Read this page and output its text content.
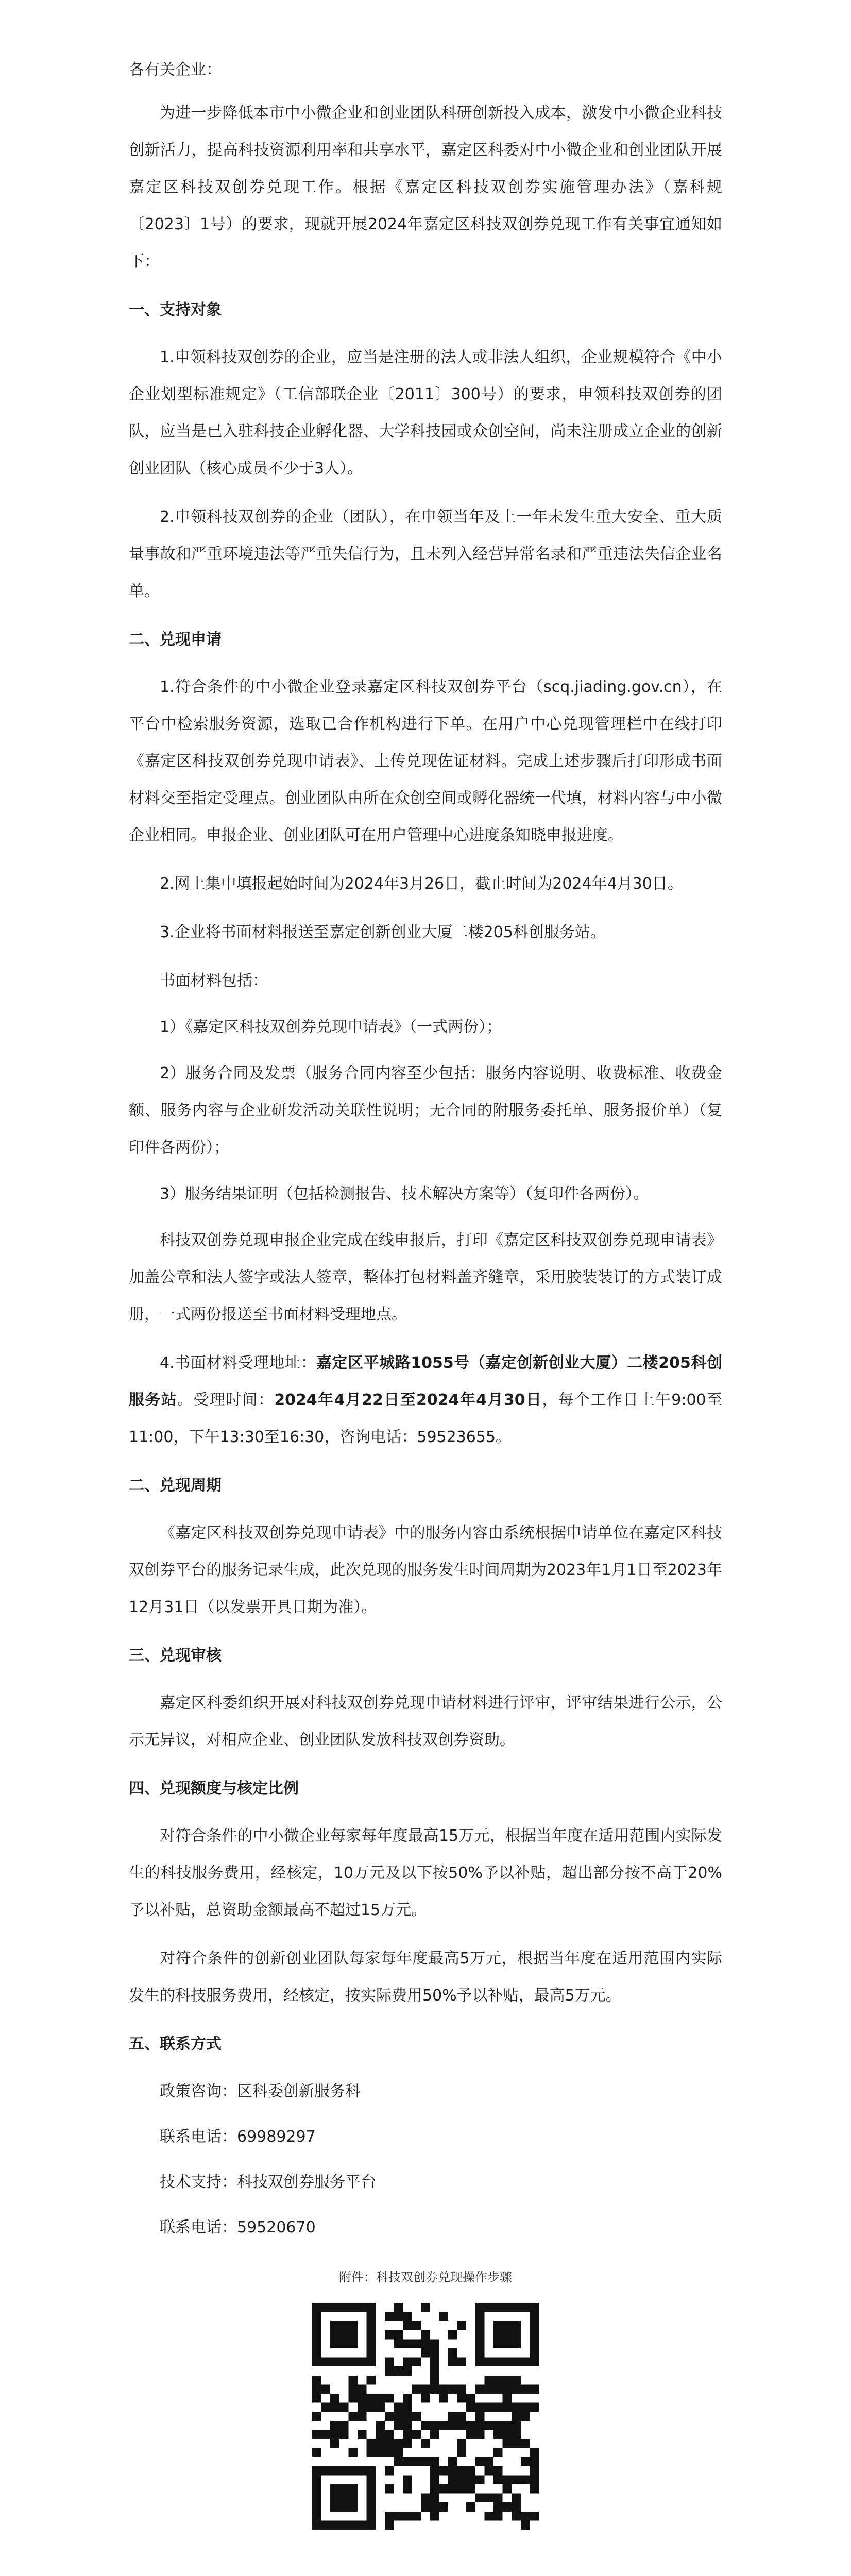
各有关企业：

为进一步降低本市中小微企业和创业团队科研创新投入成本，激发中小微企业科技创新活力，提高科技资源利用率和共享水平，嘉定区科委对中小微企业和创业团队开展嘉定区科技双创券兑现工作。根据《嘉定区科技双创券实施管理办法》（嘉科规〔2023〕1号）的要求，现就开展2024年嘉定区科技双创券兑现工作有关事宜通知如下：

一、支持对象

1.申领科技双创券的企业，应当是注册的法人或非法人组织，企业规模符合《中小企业划型标准规定》（工信部联企业〔2011〕300号）的要求，申领科技双创券的团队，应当是已入驻科技企业孵化器、大学科技园或众创空间，尚未注册成立企业的创新创业团队（核心成员不少于3人）。

2.申领科技双创券的企业（团队），在申领当年及上一年未发生重大安全、重大质量事故和严重环境违法等严重失信行为，且未列入经营异常名录和严重违法失信企业名单。

二、兑现申请

1.符合条件的中小微企业登录嘉定区科技双创券平台（scq.jiading.gov.cn），在平台中检索服务资源，选取已合作机构进行下单。在用户中心兑现管理栏中在线打印《嘉定区科技双创券兑现申请表》、上传兑现佐证材料。完成上述步骤后打印形成书面材料交至指定受理点。创业团队由所在众创空间或孵化器统一代填，材料内容与中小微企业相同。申报企业、创业团队可在用户管理中心进度条知晓申报进度。

2.网上集中填报起始时间为2024年3月26日，截止时间为2024年4月30日。

3.企业将书面材料报送至嘉定创新创业大厦二楼205科创服务站。

书面材料包括：

1）《嘉定区科技双创券兑现申请表》（一式两份）；

2）服务合同及发票（服务合同内容至少包括：服务内容说明、收费标准、收费金额、服务内容与企业研发活动关联性说明；无合同的附服务委托单、服务报价单）（复印件各两份）；

3）服务结果证明（包括检测报告、技术解决方案等）（复印件各两份）。

科技双创券兑现申报企业完成在线申报后，打印《嘉定区科技双创券兑现申请表》加盖公章和法人签字或法人签章，整体打包材料盖齐缝章，采用胶装装订的方式装订成册，一式两份报送至书面材料受理地点。

4.书面材料受理地址：嘉定区平城路1055号（嘉定创新创业大厦）二楼205科创服务站。受理时间：2024年4月22日至2024年4月30日，每个工作日上午9:00至11:00，下午13:30至16:30，咨询电话：59523655。

二、兑现周期

《嘉定区科技双创券兑现申请表》中的服务内容由系统根据申请单位在嘉定区科技双创券平台的服务记录生成，此次兑现的服务发生时间周期为2023年1月1日至2023年12月31日（以发票开具日期为准）。

三、兑现审核

嘉定区科委组织开展对科技双创券兑现申请材料进行评审，评审结果进行公示，公示无异议，对相应企业、创业团队发放科技双创券资助。

四、兑现额度与核定比例

对符合条件的中小微企业每家每年度最高15万元，根据当年度在适用范围内实际发生的科技服务费用，经核定，10万元及以下按50%予以补贴，超出部分按不高于20%予以补贴，总资助金额最高不超过15万元。

对符合条件的创新创业团队每家每年度最高5万元，根据当年度在适用范围内实际发生的科技服务费用，经核定，按实际费用50%予以补贴，最高5万元。

五、联系方式

政策咨询：区科委创新服务科

联系电话：69989297

技术支持：科技双创券服务平台

联系电话：59520670

附件：科技双创券兑现操作步骤
